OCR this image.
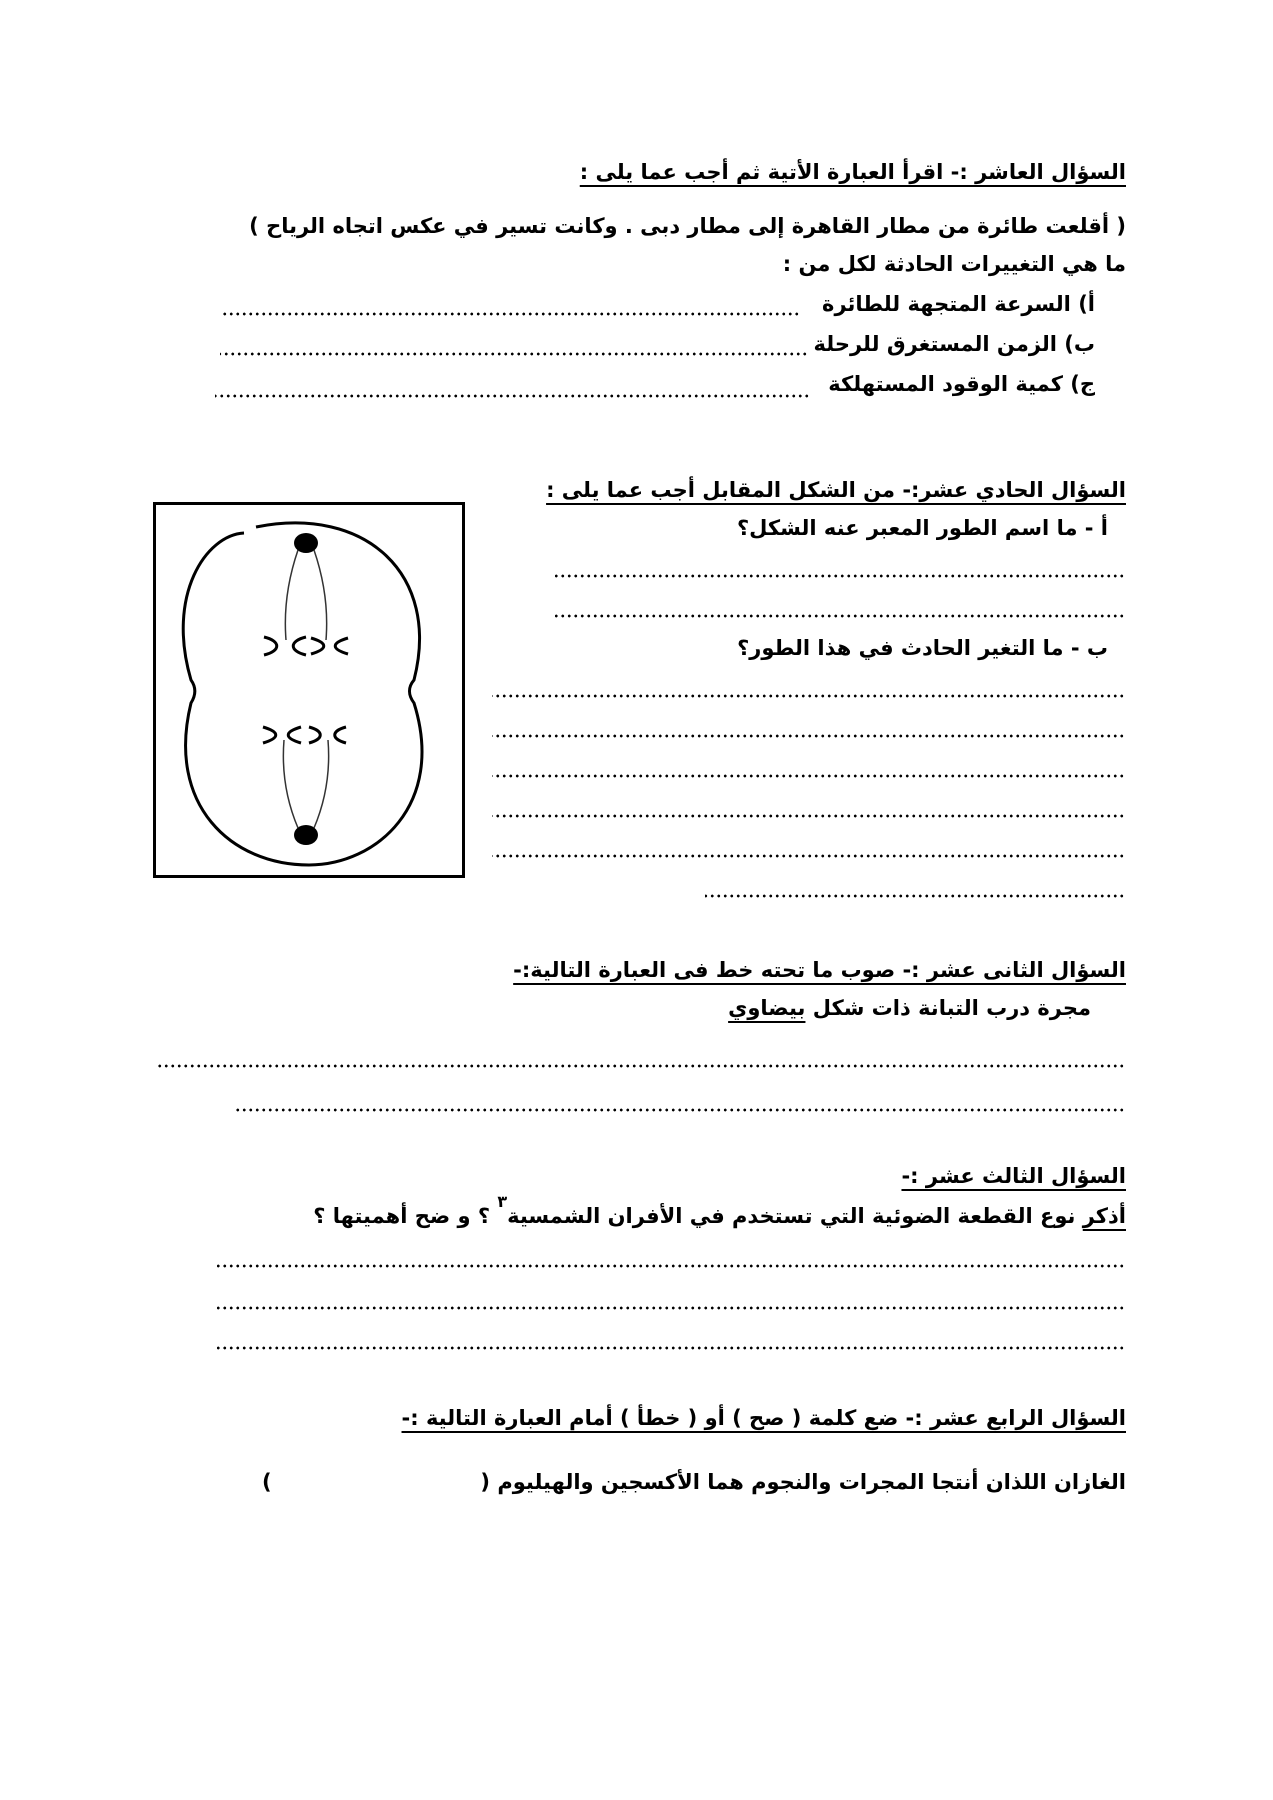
السؤال العاشر :- اقرأ العبارة الأتية ثم أجب عما يلى :
( أقلعت طائرة من مطار القاهرة إلى مطار دبى . وكانت تسير في عكس اتجاه الرياح )
ما هي التغييرات الحادثة لكل من :
أ) السرعة المتجهة للطائرة
ب) الزمن المستغرق للرحلة
ج) كمية الوقود المستهلكة
السؤال الحادي عشر:- من الشكل المقابل أجب عما يلى :
أ - ما اسم الطور المعبر عنه الشكل؟
ب - ما التغير الحادث في هذا الطور؟
السؤال الثانى عشر :- صوب ما تحته خط فى العبارة التالية:-
مجرة درب التبانة ذات شكل بيضاوي
السؤال الثالث عشر :-
أذكر نوع القطعة الضوئية التي تستخدم في الأفران الشمسية$^٣$ ؟ و ضح أهميتها ؟
السؤال الرابع عشر :- ضع كلمة ( صح ) أو ( خطأ ) أمام العبارة التالية :-
الغازان اللذان أنتجا المجرات والنجوم هما الأكسجين والهيليوم (
)
